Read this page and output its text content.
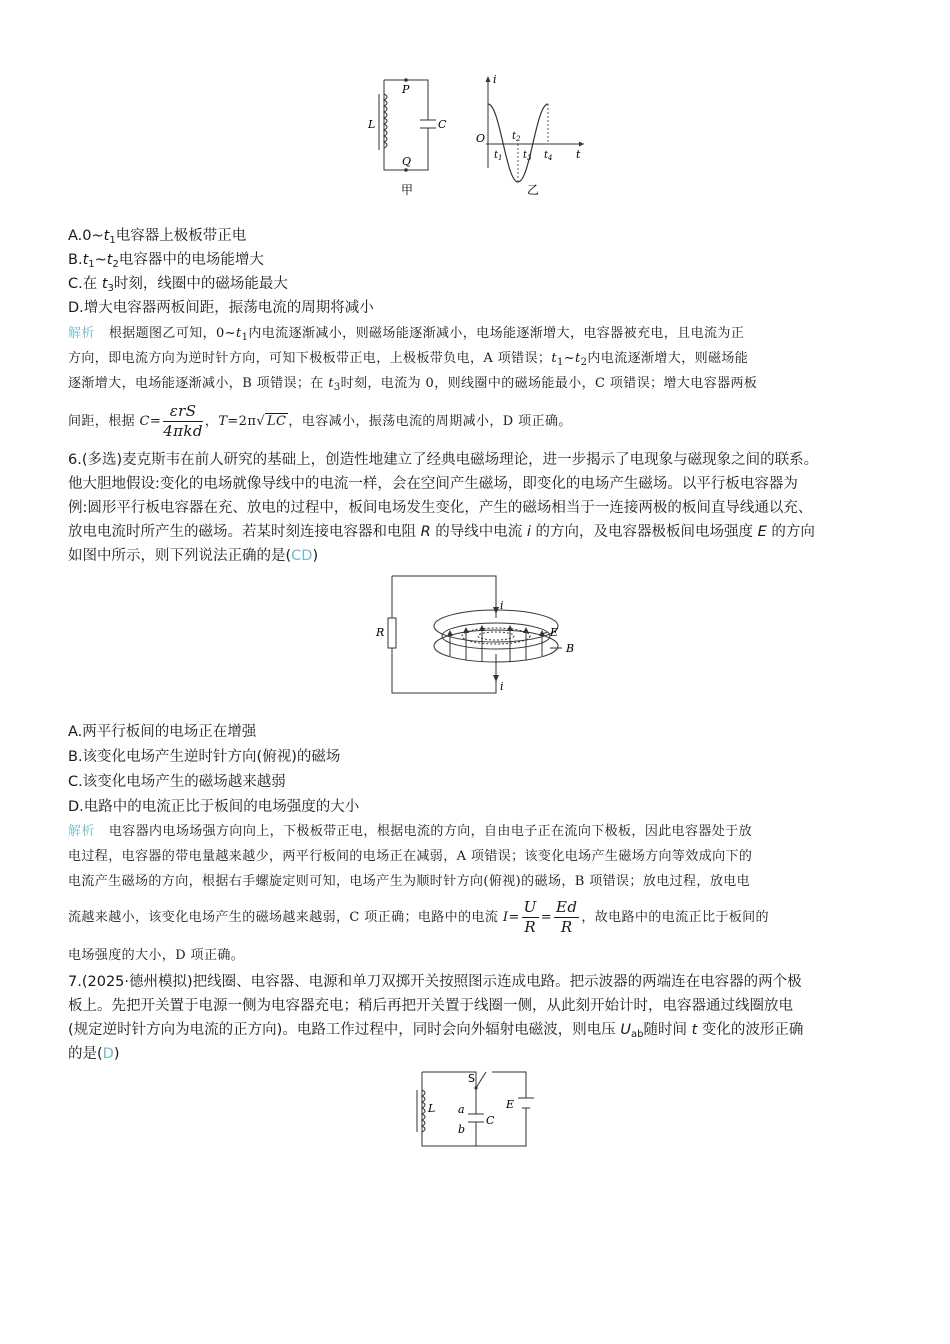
P
Q
L	C
甲
O
i
t
$t_1$
$t_2$
$t_3$ $t_4$
乙
$A.0\sim t_1$电容器上极板带正电
$B.t_1\sim t_2$电容器中的电场能增大
C.在 $t_3$时刻，线圈中的磁场能最大
D.增大电容器两板间距，振荡电流的周期将减小
解析 根据题图乙可知，$0\sim t_1$内电流逐渐减小，则磁场能逐渐减小，电场能逐渐增大，电容器被充电，且电流为正
方向，即电流方向为逆时针方向，可知下极板带正电，上极板带负电，A 项错误；$t_1\sim t_2$内电流逐渐增大，则磁场能
逐渐增大，电场能逐渐减小，B 项错误；在 $t_3$时刻，电流为 0，则线圈中的磁场能最小，C 项错误；增大电容器两板
间距，根据 $C= \frac{\text{εrS}}{\text{4πkd}}$ ，T=2π√ LC ，电容减小，振荡电流的周期减小，D 项正确。
6.(多选)麦克斯韦在前人研究的基础上，创造性地建立了经典电磁场理论，进一步揭示了电现象与磁现象之间的联系。
他大胆地假设:变化的电场就像导线中的电流一样，会在空间产生磁场，即变化的电场产生磁场。以平行板电容器为
例:圆形平行板电容器在充、放电的过程中，板间电场发生变化，产生的磁场相当于一连接两极的板间直导线通以充、
放电电流时所产生的磁场。若某时刻连接电容器和电阻 R 的导线中电流 i 的方向，及电容器极板间电场强度 E 的方向
如图中所示，则下列说法正确的是(CD)
R
i
i
E
B
A.两平行板间的电场正在增强
B.该变化电场产生逆时针方向(俯视)的磁场
C.该变化电场产生的磁场越来越弱
D.电路中的电流正比于板间的电场强度的大小
解析 电容器内电场场强方向向上，下极板带正电，根据电流的方向，自由电子正在流向下极板，因此电容器处于放
电过程，电容器的带电量越来越少，两平行板间的电场正在减弱，A 项错误；该变化电场产生磁场方向等效成向下的
电流产生磁场的方向，根据右手螺旋定则可知，电场产生为顺时针方向(俯视)的磁场，B 项错误；放电过程，放电电
流越来越小，该变化电场产生的磁场越来越弱，C 项正确；电路中的电流 $I= \frac{U}{R} = \frac{Ed}{R}$ ，故电路中的电流正比于板间的
电场强度的大小，D 项正确。
7.(2025·德州模拟)把线圈、电容器、电源和单刀双掷开关按照图示连成电路。把示波器的两端连在电容器的两个极
板上。先把开关置于电源一侧为电容器充电；稍后再把开关置于线圈一侧，从此刻开始计时，电容器通过线圈放电
(规定逆时针方向为电流的正方向)。电路工作过程中，同时会向外辐射电磁波，则电压 $U_{ab}$随时间 t 变化的波形正确
的是(D)
S
L a
b
C
E
